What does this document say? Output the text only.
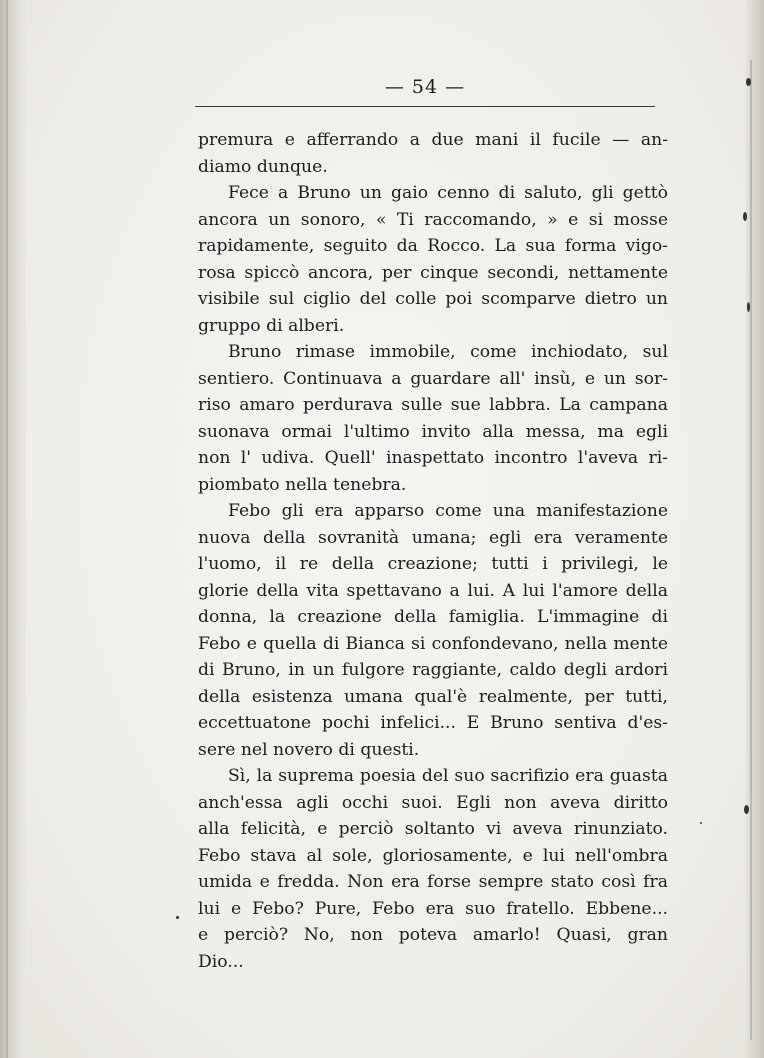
— 54 —
premura e afferrando a due mani il fucile — an-
diamo dunque.
Fece a Bruno un gaio cenno di saluto, gli gettò
ancora un sonoro, « Ti raccomando, » e si mosse
rapidamente, seguito da Rocco. La sua forma vigo-
rosa spiccò ancora, per cinque secondi, nettamente
visibile sul ciglio del colle poi scomparve dietro un
gruppo di alberi.
Bruno rimase immobile, come inchiodato, sul
sentiero. Continuava a guardare all' insù, e un sor-
riso amaro perdurava sulle sue labbra. La campana
suonava ormai l'ultimo invito alla messa, ma egli
non l' udiva. Quell' inaspettato incontro l'aveva ri-
piombato nella tenebra.
Febo gli era apparso come una manifestazione
nuova della sovranità umana; egli era veramente
l'uomo, il re della creazione; tutti i privilegi, le
glorie della vita spettavano a lui. A lui l'amore della
donna, la creazione della famiglia. L'immagine di
Febo e quella di Bianca si confondevano, nella mente
di Bruno, in un fulgore raggiante, caldo degli ardori
della esistenza umana qual'è realmente, per tutti,
eccettuatone pochi infelici... E Bruno sentiva d'es-
sere nel novero di questi.
Sì, la suprema poesia del suo sacrifizio era guasta
anch'essa agli occhi suoi. Egli non aveva diritto
alla felicità, e perciò soltanto vi aveva rinunziato.
Febo stava al sole, gloriosamente, e lui nell'ombra
umida e fredda. Non era forse sempre stato così fra
lui e Febo? Pure, Febo era suo fratello. Ebbene...
e perciò? No, non poteva amarlo! Quasi, gran
Dio...
